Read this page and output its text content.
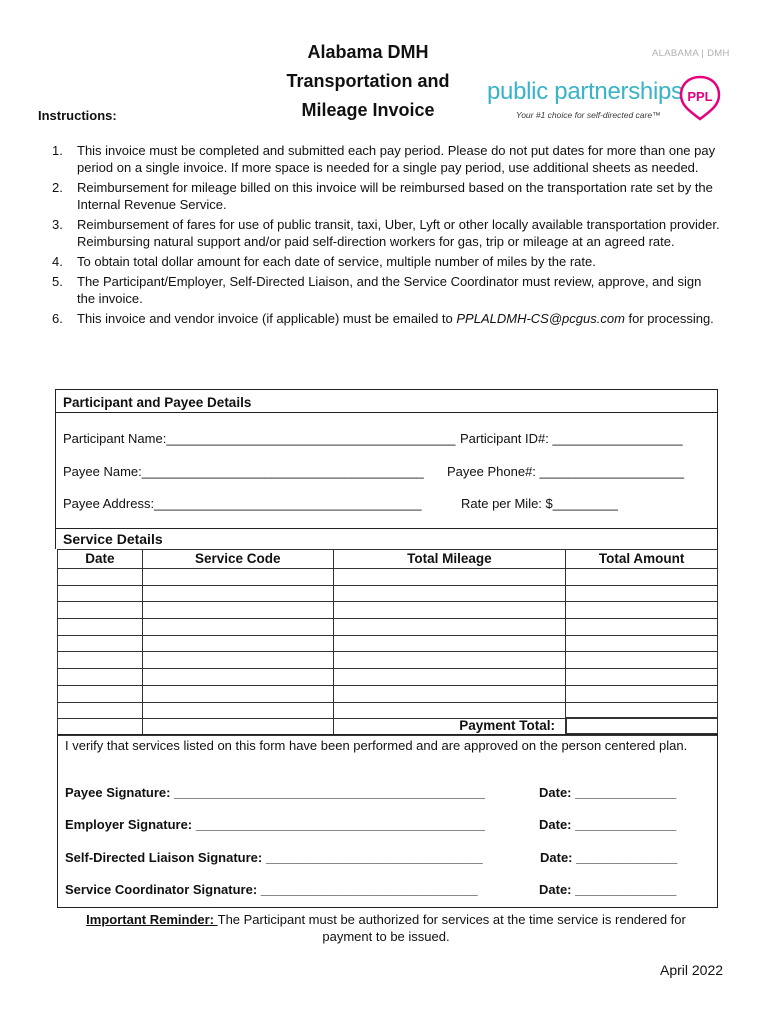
Alabama DMH
Transportation and
Mileage Invoice
Instructions:
ALABAMA | DMH
public partnerships
Your #1 choice for self-directed care™
PPL
1.	This invoice must be completed and submitted each pay period. Please do not put dates for more than one pay period on a single invoice. If more space is needed for a single pay period, use additional sheets as needed.
2.	Reimbursement for mileage billed on this invoice will be reimbursed based on the transportation rate set by the Internal Revenue Service.
3.	Reimbursement of fares for use of public transit, taxi, Uber, Lyft or other locally available transportation provider. Reimbursing natural support and/or paid self-direction workers for gas, trip or mileage at an agreed rate.
4.	To obtain total dollar amount for each date of service, multiple number of miles by the rate.
5.	The Participant/Employer, Self-Directed Liaison, and the Service Coordinator must review, approve, and sign the invoice.
6.	This invoice and vendor invoice (if applicable) must be emailed to PPLALDMH-CS@pcgus.com for processing.
Participant and Payee Details
Participant Name:________________________________________ Participant ID#: __________________
Payee Name:_______________________________________ Payee Phone#: ____________________
Payee Address:_____________________________________	Rate per Mile: $_________
Service Details
Date	Service Code	Total Mileage	Total Amount

Payment Total:
I verify that services listed on this form have been performed and are approved on the person centered plan.
Payee Signature: ___________________________________________	Date: ______________
Employer Signature: ________________________________________	Date: ______________
Self-Directed Liaison Signature: ______________________________	Date: ______________
Service Coordinator Signature: ______________________________	Date: ______________
Important Reminder: The Participant must be authorized for services at the time service is rendered for payment to be issued.
April 2022
